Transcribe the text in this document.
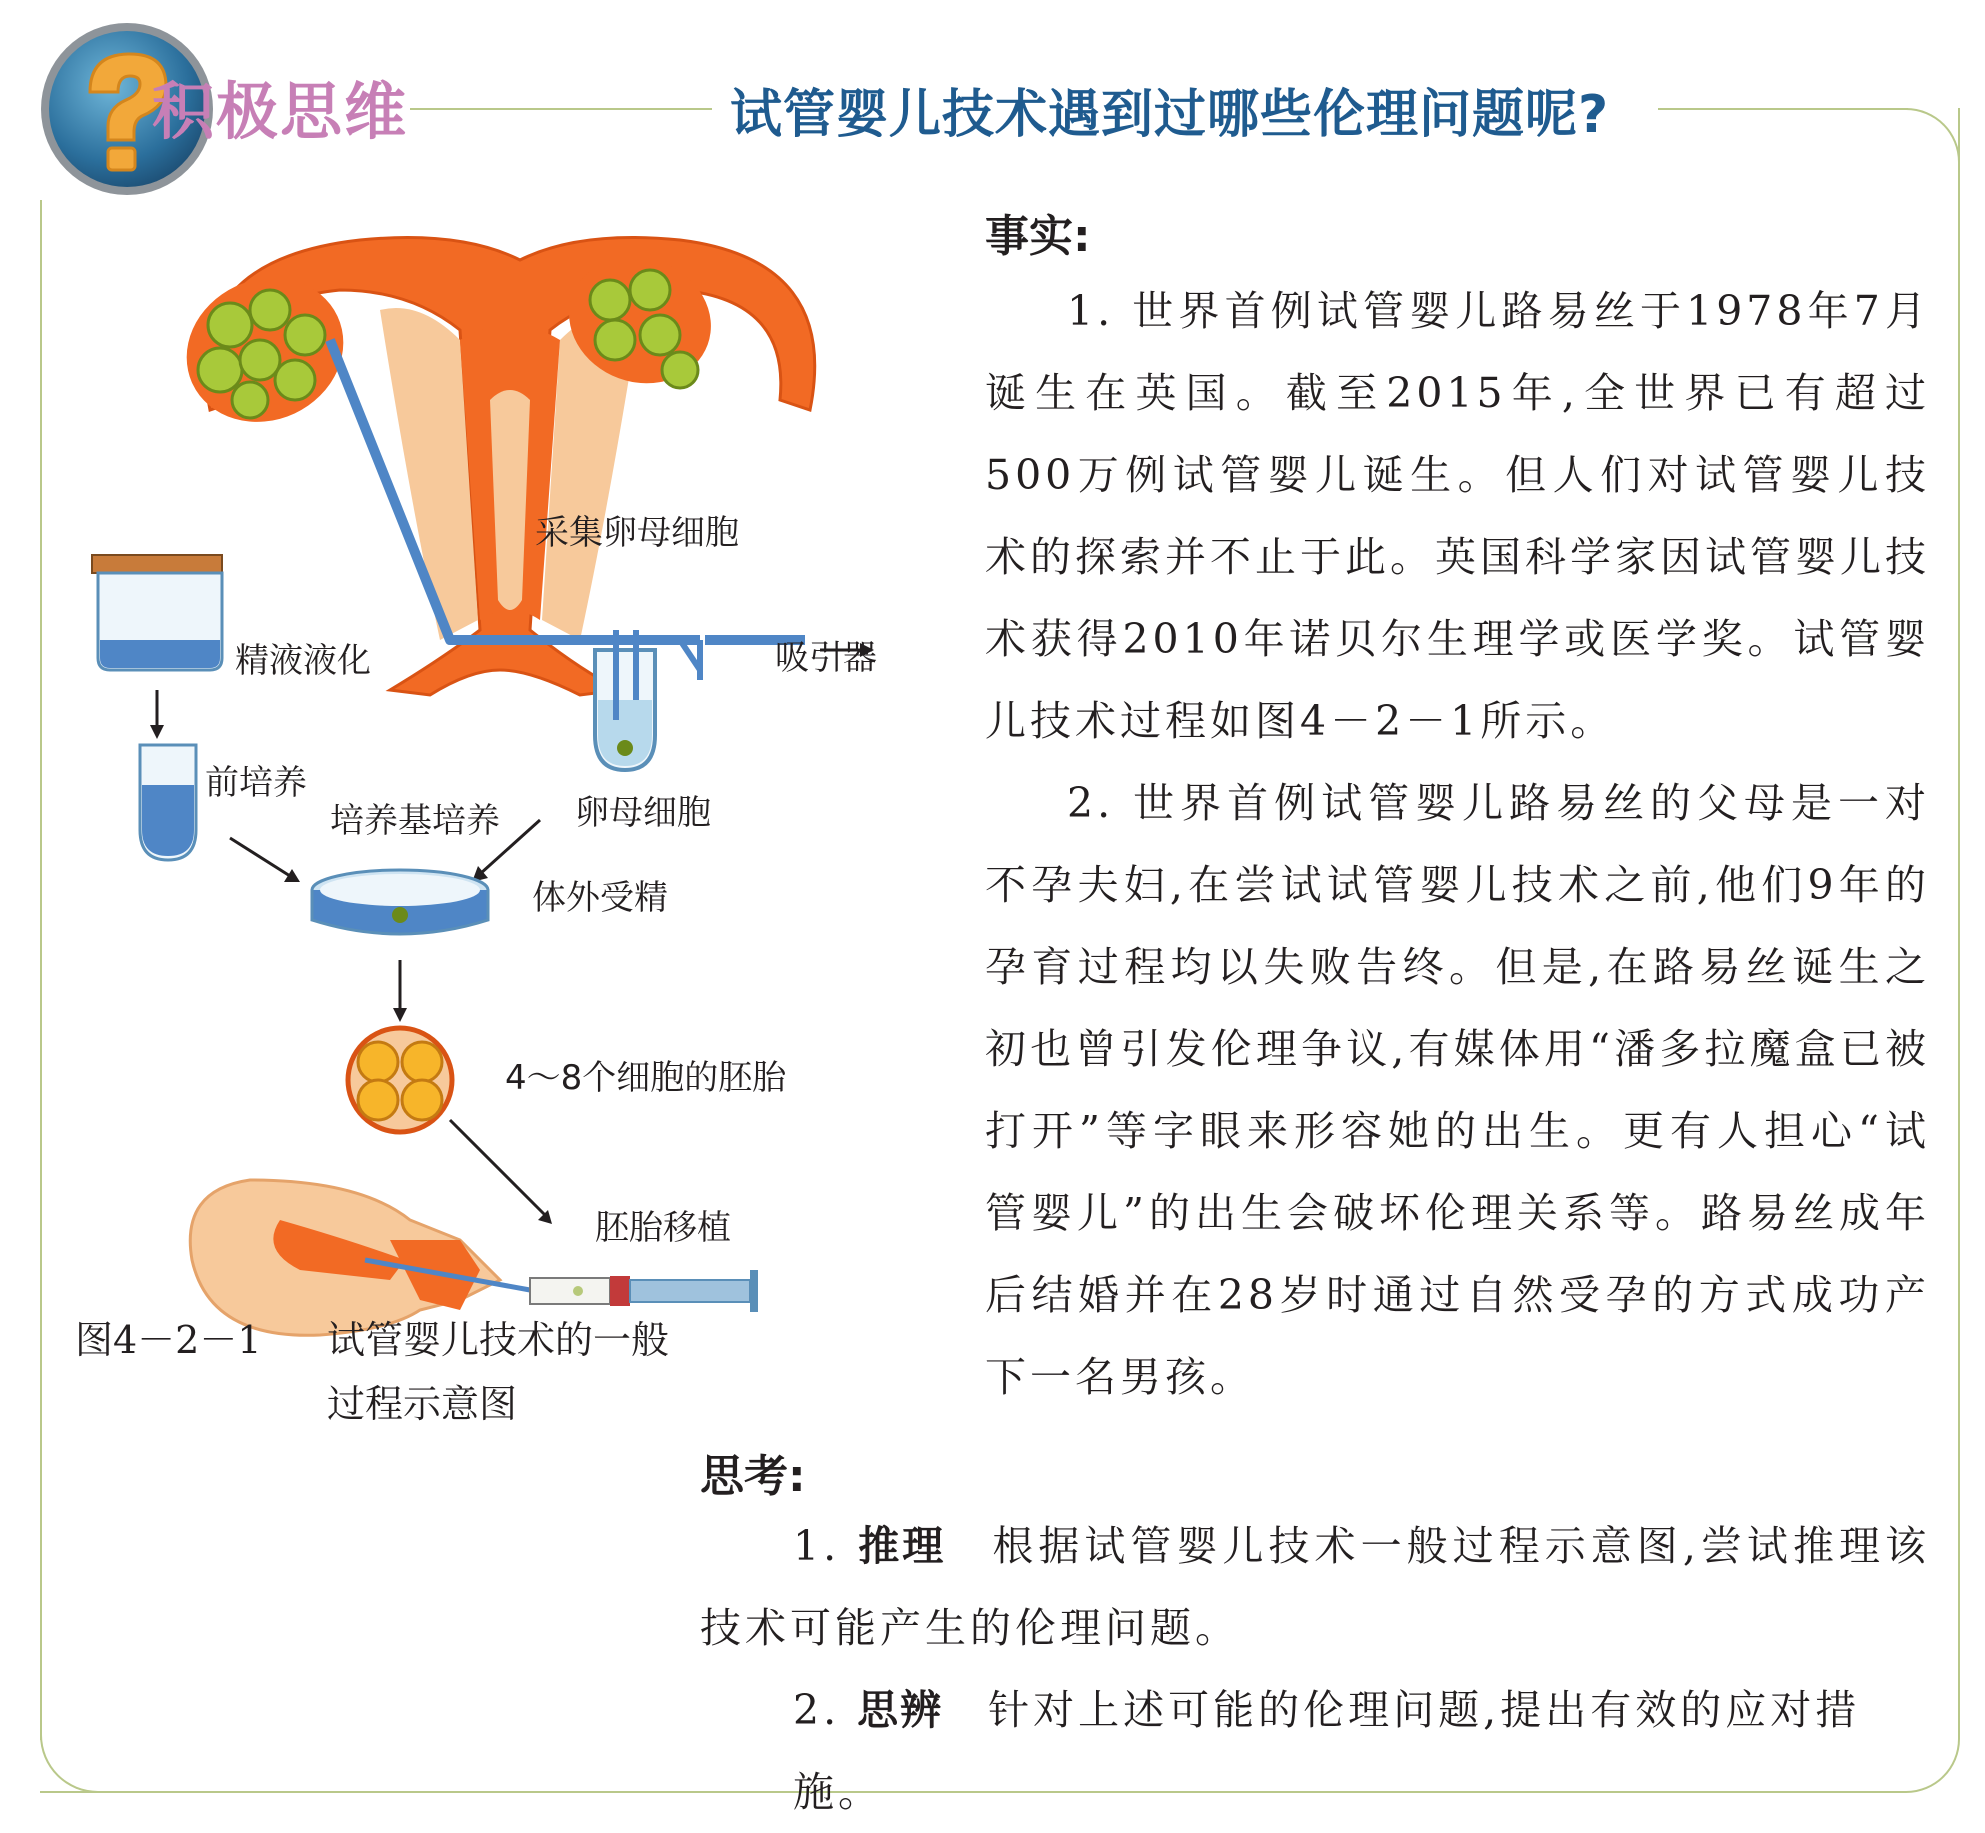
积极思维	试管婴儿技术遇到过哪些伦理问题呢?
采集卵母细胞
精液液化	吸引器
前培养
培养基培养 卵母细胞
体外受精
4～8个细胞的胚胎
胚胎移植
图4－2－1 试管婴儿技术的一般
过程示意图
事实:
1. 世界首例试管婴儿路易丝于1978年7月诞生在英国。截至2015年,全世界已有超过500万例试管婴儿诞生。但人们对试管婴儿技术的探索并不止于此。英国科学家因试管婴儿技术获得2010年诺贝尔生理学或医学奖。试管婴儿技术过程如图4－2－1所示。
2. 世界首例试管婴儿路易丝的父母是一对不孕夫妇,在尝试试管婴儿技术之前,他们9年的孕育过程均以失败告终。但是,在路易丝诞生之初也曾引发伦理争议,有媒体用“潘多拉魔盒已被打开”等字眼来形容她的出生。更有人担心“试管婴儿”的出生会破坏伦理关系等。路易丝成年后结婚并在28岁时通过自然受孕的方式成功产下一名男孩。
思考:
1. 推理　 根据试管婴儿技术一般过程示意图,尝试推理该技术可能产生的伦理问题。
2. 思辨　 针对上述可能的伦理问题,提出有效的应对措施。
